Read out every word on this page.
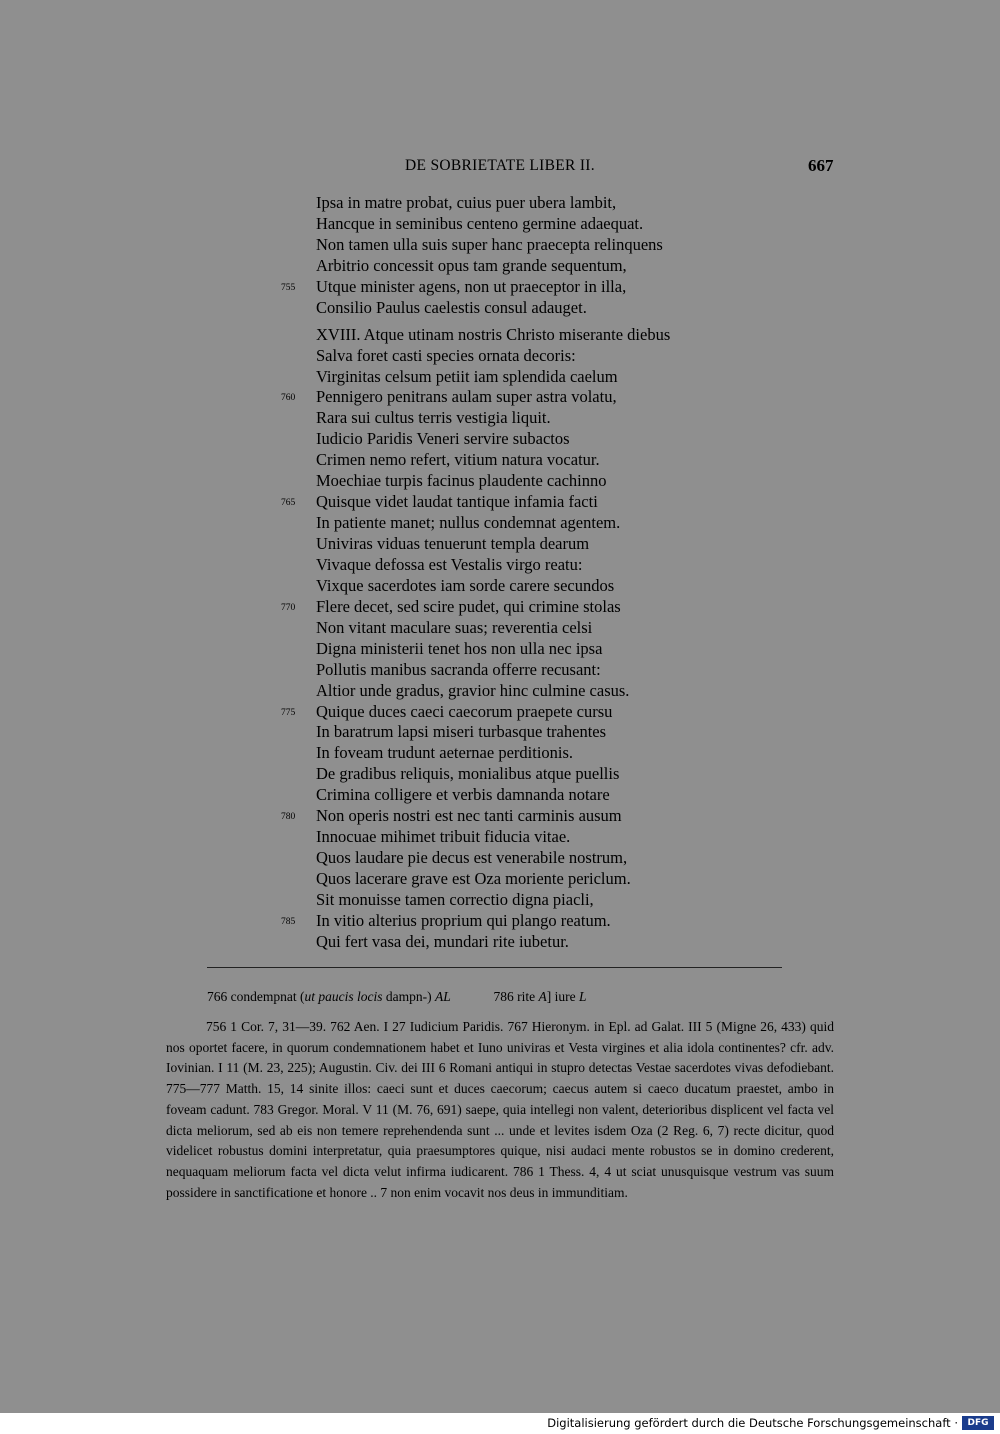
DE SOBRIETATE LIBER II.	667
Ipsa in matre probat, cuius puer ubera lambit,
Hancque in seminibus centeno germine adaequat.
Non tamen ulla suis super hanc praecepta relinquens
Arbitrio concessit opus tam grande sequentum,
755 Utque minister agens, non ut praeceptor in illa,
Consilio Paulus caelestis consul adauget.
XVIII. Atque utinam nostris Christo miserante diebus
Salva foret casti species ornata decoris:
Virginitas celsum petiit iam splendida caelum
760 Pennigero penitrans aulam super astra volatu,
Rara sui cultus terris vestigia liquit.
Iudicio Paridis Veneri servire subactos
Crimen nemo refert, vitium natura vocatur.
Moechiae turpis facinus plaudente cachinno
765 Quisque videt laudat tantique infamia facti
In patiente manet; nullus condemnat agentem.
Univiras viduas tenuerunt templa dearum
Vivaque defossa est Vestalis virgo reatu:
Vixque sacerdotes iam sorde carere secundos
770 Flere decet, sed scire pudet, qui crimine stolas
Non vitant maculare suas; reverentia celsi
Digna ministerii tenet hos non ulla nec ipsa
Pollutis manibus sacranda offerre recusant:
Altior unde gradus, gravior hinc culmine casus.
775 Quique duces caeci caecorum praepete cursu
In baratrum lapsi miseri turbasque trahentes
In foveam trudunt aeternae perditionis.
De gradibus reliquis, monialibus atque puellis
Crimina colligere et verbis damnanda notare
780 Non operis nostri est nec tanti carminis ausum
Innocuae mihimet tribuit fiducia vitae.
Quos laudare pie decus est venerabile nostrum,
Quos lacerare grave est Oza moriente periclum.
Sit monuisse tamen correctio digna piacli,
785 In vitio alterius proprium qui plango reatum.
Qui fert vasa dei, mundari rite iubetur.
766 condempnat (ut paucis locis dampn-) AL	786 rite A] iure L

756 1 Cor. 7, 31—39. 762 Aen. I 27 Iudicium Paridis. 767 Hieronym. in Epl. ad Galat. III 5 (Migne 26, 433) quid nos oportet facere, in quorum condemnationem habet et Iuno univiras et Vesta virgines et alia idola continentes? cfr. adv. Iovinian. I 11 (M. 23, 225); Augustin. Civ. dei III 6 Romani antiqui in stupro detectas Vestae sacerdotes vivas defodiebant. 775—777 Matth. 15, 14 sinite illos: caeci sunt et duces caecorum; caecus autem si caeco ducatum praestet, ambo in foveam cadunt. 783 Gregor. Moral. V 11 (M. 76, 691) saepe, quia intellegi non valent, deterioribus displicent vel facta vel dicta meliorum, sed ab eis non temere reprehendenda sunt ... unde et levites isdem Oza (2 Reg. 6, 7) recte dicitur, quod videlicet robustus domini interpretatur, quia praesumptores quique, nisi audaci mente robustos se in domino crederent, nequaquam meliorum facta vel dicta velut infirma iudicarent. 786 1 Thess. 4, 4 ut sciat unusquisque vestrum vas suum possidere in sanctificatione et honore .. 7 non enim vocavit nos deus in immunditiam.

Digitalisierung gefördert durch die Deutsche Forschungsgemeinschaft ·	DFG
